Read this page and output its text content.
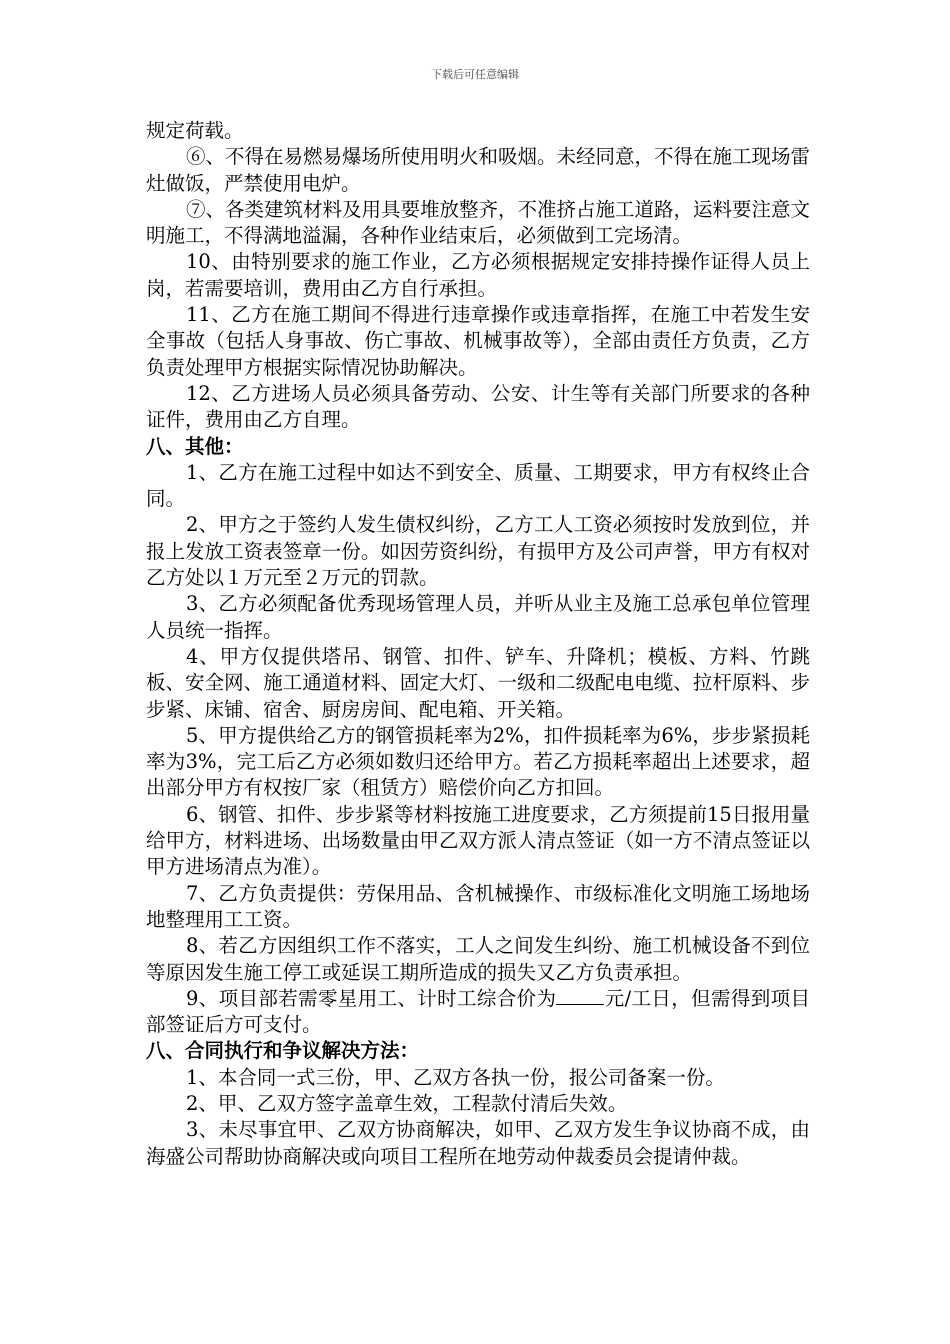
下载后可任意编辑

规定荷载。

⑥、不得在易燃易爆场所使用明火和吸烟。未经同意，不得在施工现场雷灶做饭，严禁使用电炉。

⑦、各类建筑材料及用具要堆放整齐，不准挤占施工道路，运料要注意文明施工，不得满地溢漏，各种作业结束后，必须做到工完场清。

10、由特别要求的施工作业，乙方必须根据规定安排持操作证得人员上岗，若需要培训，费用由乙方自行承担。

11、乙方在施工期间不得进行违章操作或违章指挥，在施工中若发生安全事故（包括人身事故、伤亡事故、机械事故等），全部由责任方负责，乙方负责处理甲方根据实际情况协助解决。

12、乙方进场人员必须具备劳动、公安、计生等有关部门所要求的各种证件，费用由乙方自理。

八、其他：

1、乙方在施工过程中如达不到安全、质量、工期要求，甲方有权终止合同。

2、甲方之于签约人发生债权纠纷，乙方工人工资必须按时发放到位，并报上发放工资表签章一份。如因劳资纠纷，有损甲方及公司声誉，甲方有权对乙方处以１万元至２万元的罚款。

3、乙方必须配备优秀现场管理人员，并听从业主及施工总承包单位管理人员统一指挥。

4、甲方仅提供塔吊、钢管、扣件、铲车、升降机；模板、方料、竹跳板、安全网、施工通道材料、固定大灯、一级和二级配电电缆、拉杆原料、步步紧、床铺、宿舍、厨房房间、配电箱、开关箱。

5、甲方提供给乙方的钢管损耗率为2%，扣件损耗率为6%，步步紧损耗率为3%，完工后乙方必须如数归还给甲方。若乙方损耗率超出上述要求，超出部分甲方有权按厂家（租赁方）赔偿价向乙方扣回。

6、钢管、扣件、步步紧等材料按施工进度要求，乙方须提前15日报用量给甲方，材料进场、出场数量由甲乙双方派人清点签证（如一方不清点签证以甲方进场清点为准）。

7、乙方负责提供：劳保用品、含机械操作、市级标准化文明施工场地场地整理用工工资。

8、若乙方因组织工作不落实，工人之间发生纠纷、施工机械设备不到位等原因发生施工停工或延误工期所造成的损失又乙方负责承担。

9、项目部若需零星用工、计时工综合价为 元/工日，但需得到项目部签证后方可支付。

八、合同执行和争议解决方法：

1、本合同一式三份，甲、乙双方各执一份，报公司备案一份。

2、甲、乙双方签字盖章生效，工程款付清后失效。

3、未尽事宜甲、乙双方协商解决，如甲、乙双方发生争议协商不成，由海盛公司帮助协商解决或向项目工程所在地劳动仲裁委员会提请仲裁。
